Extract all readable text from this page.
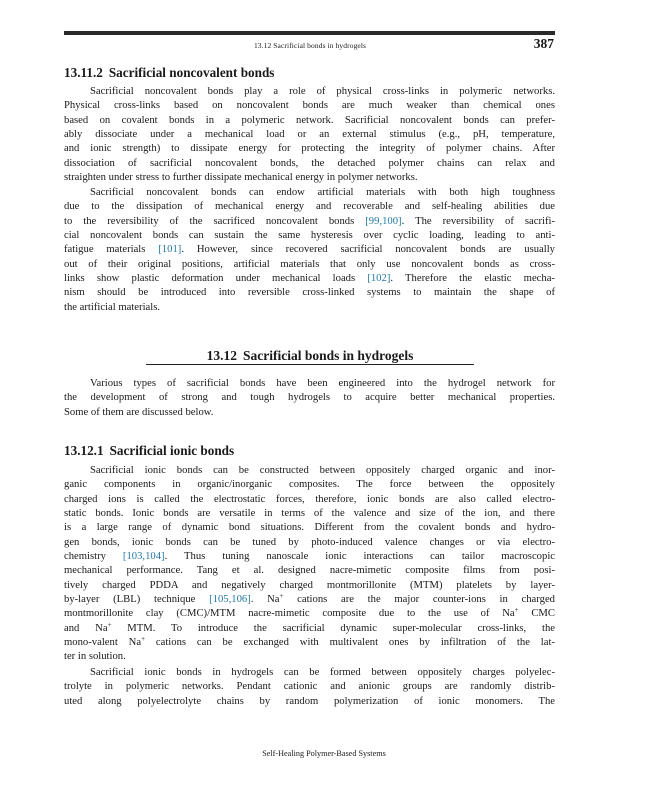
13.12 Sacrificial bonds in hydrogels	387
13.11.2 Sacrificial noncovalent bonds
Sacrificial noncovalent bonds play a role of physical cross-links in polymeric networks.
Physical cross-links based on noncovalent bonds are much weaker than chemical ones
based on covalent bonds in a polymeric network. Sacrificial noncovalent bonds can prefer-
ably dissociate under a mechanical load or an external stimulus (e.g., pH, temperature,
and ionic strength) to dissipate energy for protecting the integrity of polymer chains. After
dissociation of sacrificial noncovalent bonds, the detached polymer chains can relax and
straighten under stress to further dissipate mechanical energy in polymer networks.
Sacrificial noncovalent bonds can endow artificial materials with both high toughness
due to the dissipation of mechanical energy and recoverable and self-healing abilities due
to the reversibility of the sacrificed noncovalent bonds [99,100]. The reversibility of sacrifi-
cial noncovalent bonds can sustain the same hysteresis over cyclic loading, leading to anti-
fatigue materials [101]. However, since recovered sacrificial noncovalent bonds are usually
out of their original positions, artificial materials that only use noncovalent bonds as cross-
links show plastic deformation under mechanical loads [102]. Therefore the elastic mecha-
nism should be introduced into reversible cross-linked systems to maintain the shape of
the artificial materials.
13.12 Sacrificial bonds in hydrogels
Various types of sacrificial bonds have been engineered into the hydrogel network for
the development of strong and tough hydrogels to acquire better mechanical properties.
Some of them are discussed below.
13.12.1 Sacrificial ionic bonds
Sacrificial ionic bonds can be constructed between oppositely charged organic and inor-
ganic components in organic/inorganic composites. The force between the oppositely
charged ions is called the electrostatic forces, therefore, ionic bonds are also called electro-
static bonds. Ionic bonds are versatile in terms of the valence and size of the ion, and there
is a large range of dynamic bond situations. Different from the covalent bonds and hydro-
gen bonds, ionic bonds can be tuned by photo-induced valence changes or via electro-
chemistry [103,104]. Thus tuning nanoscale ionic interactions can tailor macroscopic
mechanical performance. Tang et al. designed nacre-mimetic composite films from posi-
tively charged PDDA and negatively charged montmorillonite (MTM) platelets by layer-
by-layer (LBL) technique [105,106]. Na+ cations are the major counter-ions in charged
montmorillonite clay (CMC)/MTM nacre-mimetic composite due to the use of Na+ CMC
and Na+ MTM. To introduce the sacrificial dynamic super-molecular cross-links, the
mono-valent Na+ cations can be exchanged with multivalent ones by infiltration of the lat-
ter in solution.
Sacrificial ionic bonds in hydrogels can be formed between oppositely charges polyelec-
trolyte in polymeric networks. Pendant cationic and anionic groups are randomly distrib-
uted along polyelectrolyte chains by random polymerization of ionic monomers. The
Self-Healing Polymer-Based Systems
